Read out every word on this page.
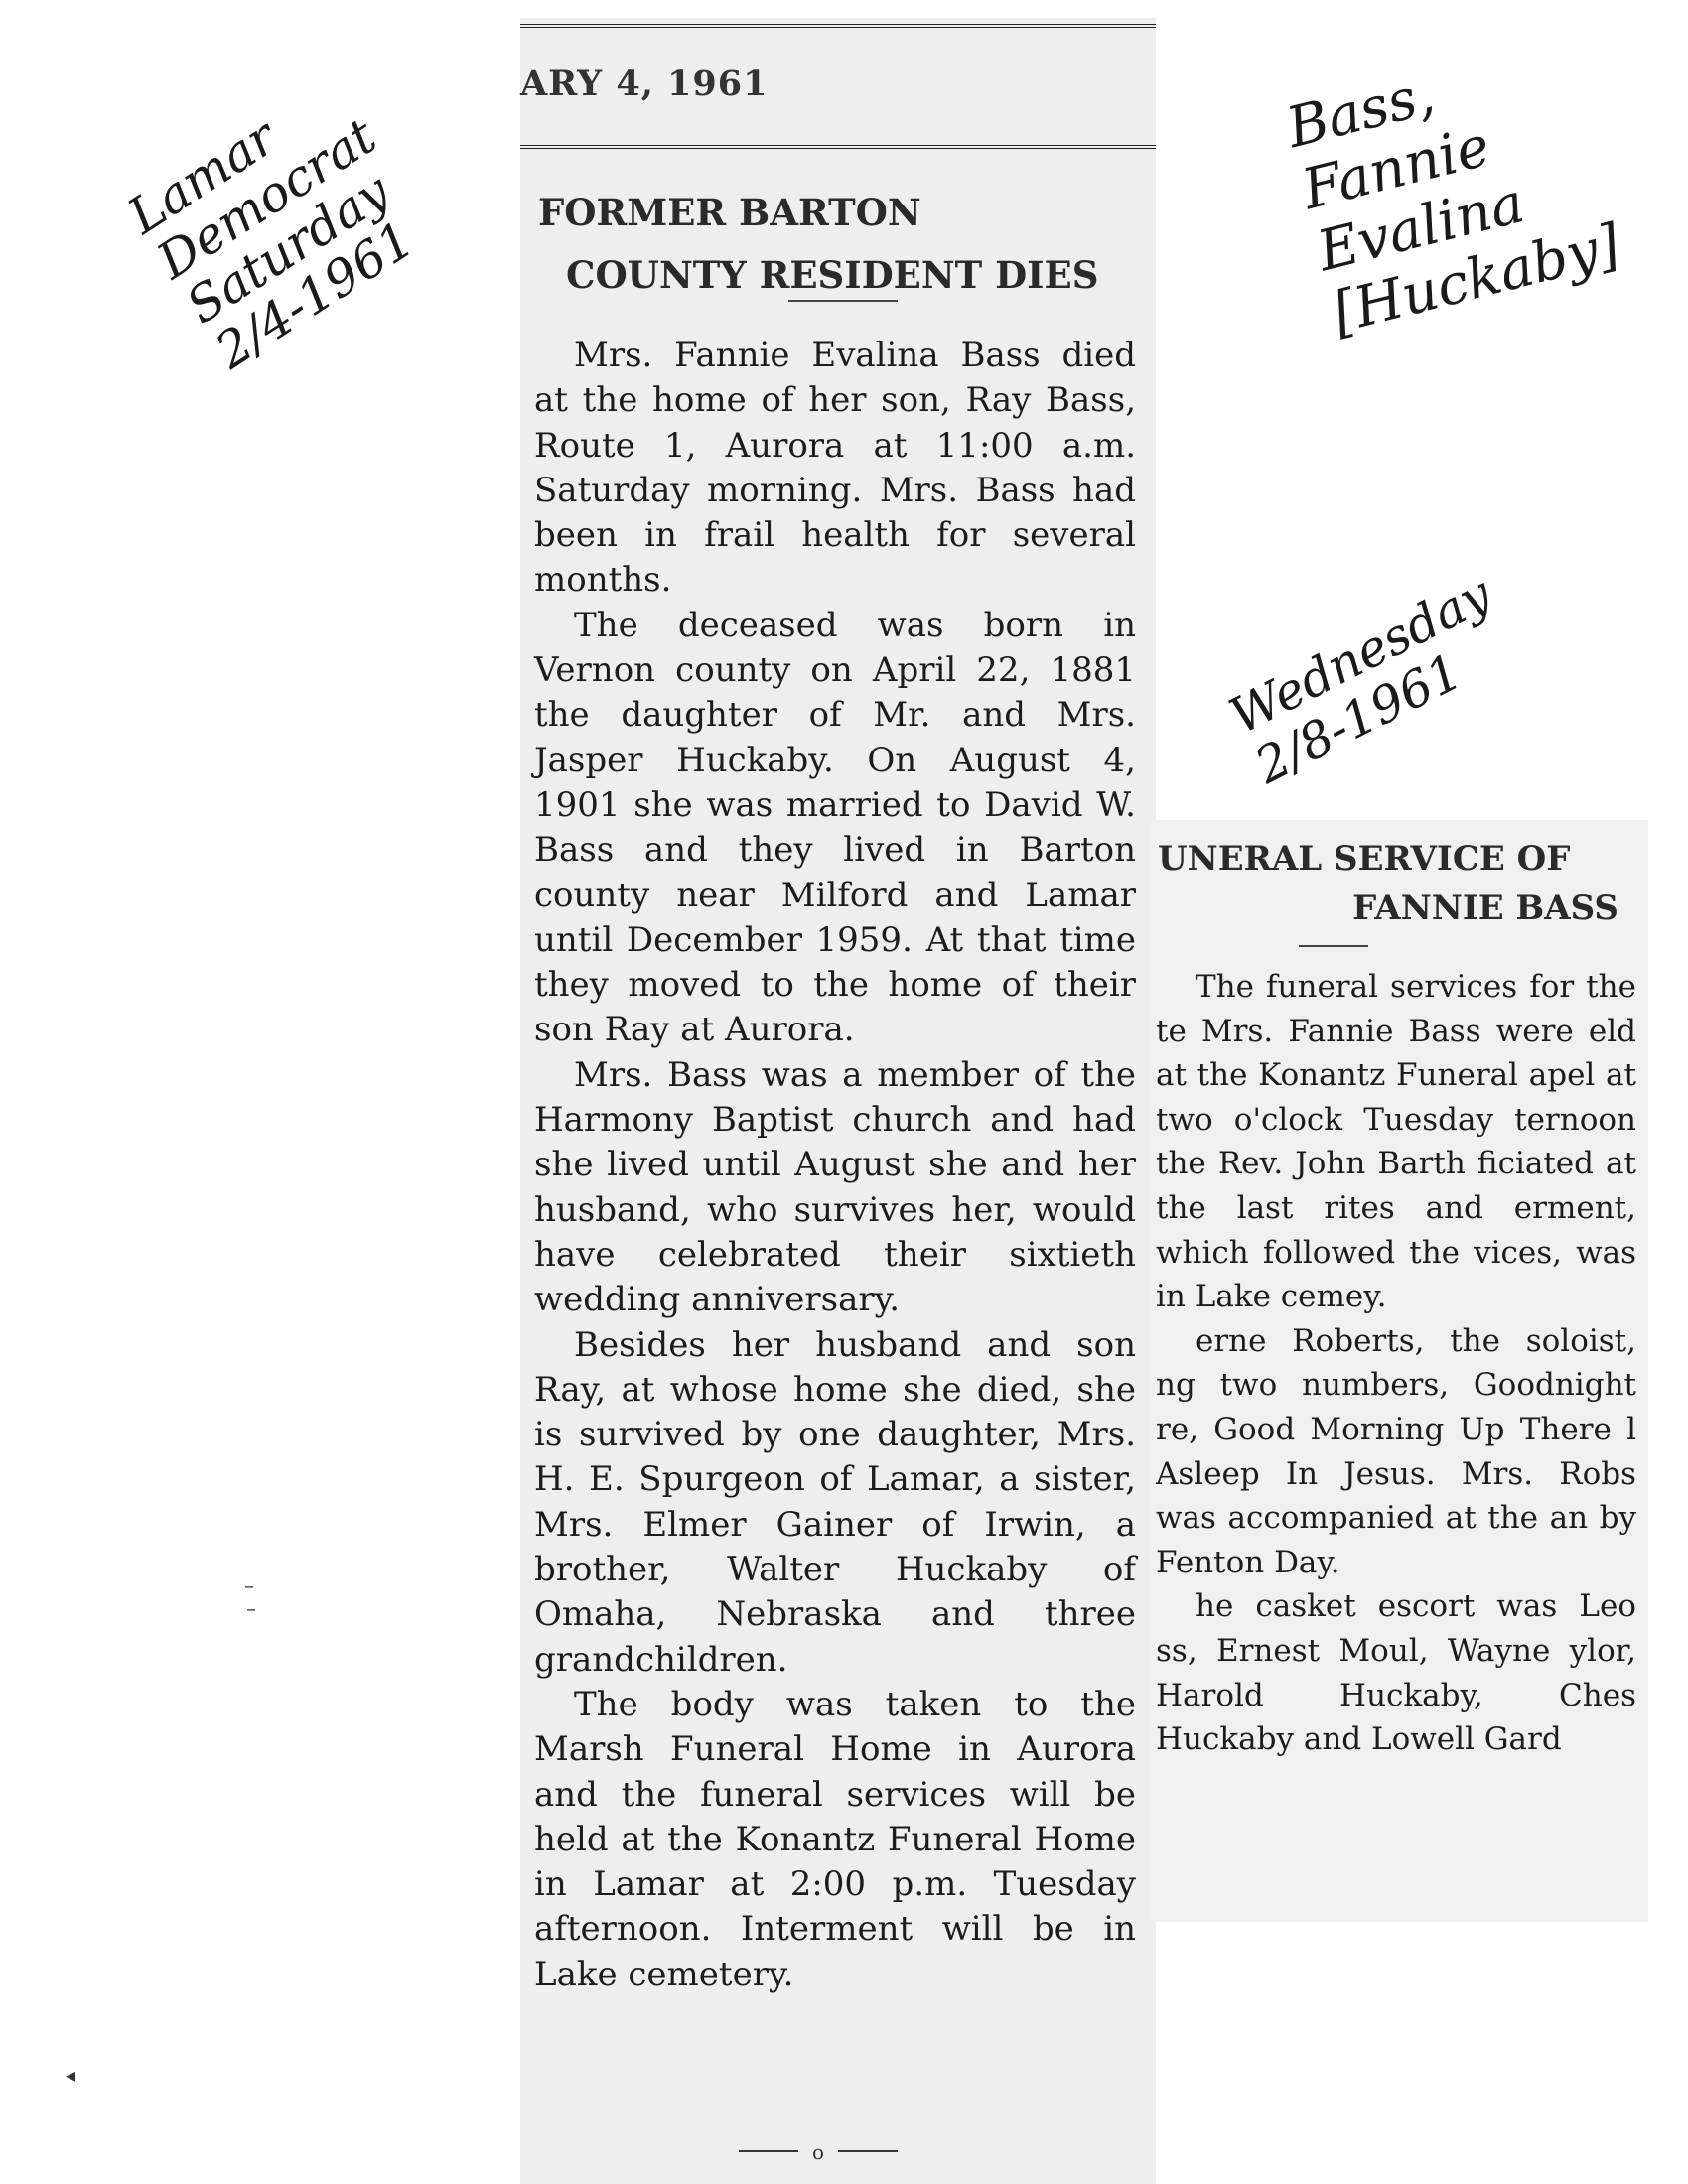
Lamar
Democrat
Saturday
2/4-1961
Bass,
Fannie
Evalina
[Huckaby]
Wednesday
2/8-1961
ARY 4, 1961
FORMER BARTON
COUNTY RESIDENT DIES

Mrs. Fannie Evalina Bass died at the home of her son, Ray Bass, Route 1, Aurora at 11:00 a.m. Saturday morning. Mrs. Bass had been in frail health for several months.

The deceased was born in Vernon county on April 22, 1881 the daughter of Mr. and Mrs. Jasper Huckaby. On August 4, 1901 she was married to David W. Bass and they lived in Barton county near Milford and Lamar until December 1959. At that time they moved to the home of their son Ray at Aurora.

Mrs. Bass was a member of the Harmony Baptist church and had she lived until August she and her husband, who survives her, would have celebrated their sixtieth wedding anniversary.

Besides her husband and son Ray, at whose home she died, she is survived by one daughter, Mrs. H. E. Spurgeon of Lamar, a sister, Mrs. Elmer Gainer of Irwin, a brother, Walter Huckaby of Omaha, Nebraska and three grandchildren.

The body was taken to the Marsh Funeral Home in Aurora and the funeral services will be held at the Konantz Funeral Home in Lamar at 2:00 p.m. Tuesday afternoon. Interment will be in Lake cemetery.

o
UNERAL SERVICE OF
FANNIE BASS

The funeral services for the te Mrs. Fannie Bass were eld at the Konantz Funeral apel at two o'clock Tuesday ternoon the Rev. John Barth ficiated at the last rites and erment, which followed the vices, was in Lake cemey.

erne Roberts, the soloist, ng two numbers, Goodnight re, Good Morning Up There l Asleep In Jesus. Mrs. Robs was accompanied at the an by Fenton Day.

he casket escort was Leo ss, Ernest Moul, Wayne ylor, Harold Huckaby, Ches Huckaby and Lowell Gard

–
–
◂
